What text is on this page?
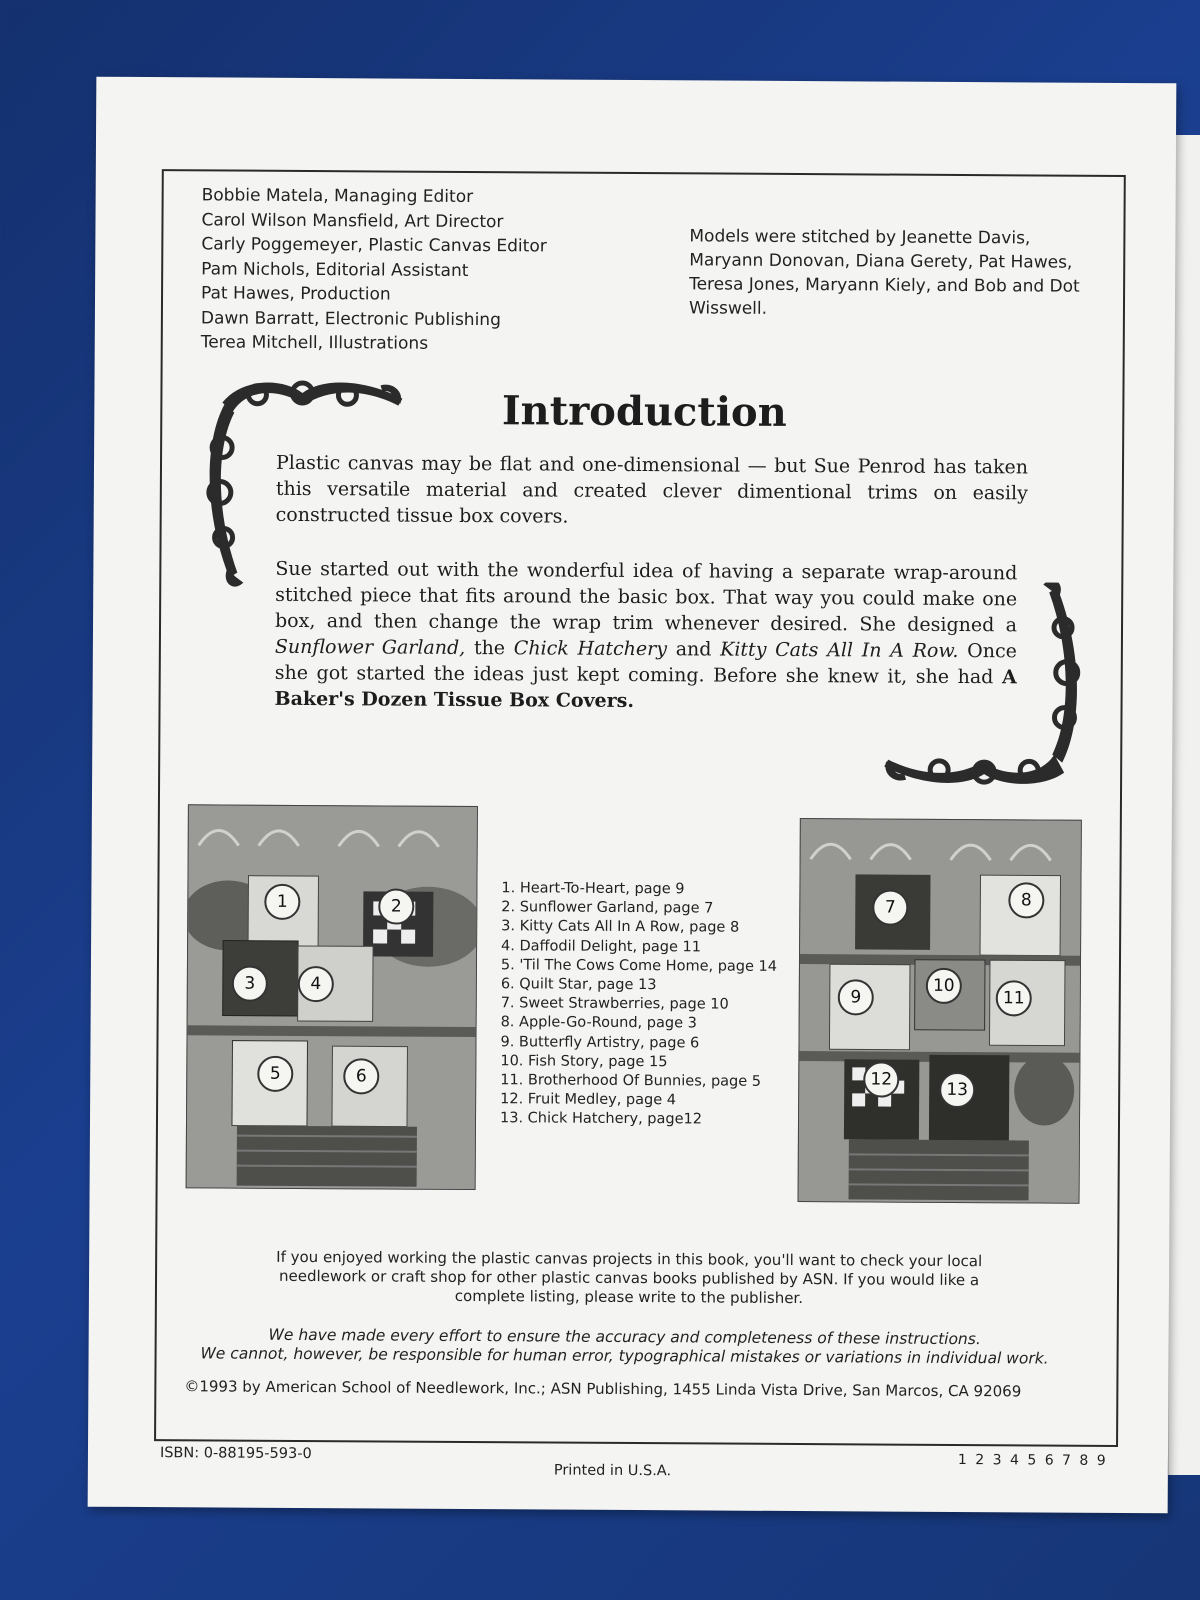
Bobbie Matela, Managing Editor
Carol Wilson Mansfield, Art Director
Carly Poggemeyer, Plastic Canvas Editor
Pam Nichols, Editorial Assistant
Pat Hawes, Production
Dawn Barratt, Electronic Publishing
Terea Mitchell, Illustrations
Models were stitched by Jeanette Davis, Maryann Donovan, Diana Gerety, Pat Hawes, Teresa Jones, Maryann Kiely, and Bob and Dot Wisswell.
Introduction

Plastic canvas may be flat and one-dimensional — but Sue Penrod has taken this versatile material and created clever dimentional trims on easily constructed tissue box covers.

Sue started out with the wonderful idea of having a separate wrap-around stitched piece that fits around the basic box. That way you could make one box, and then change the wrap trim whenever desired. She designed a Sunflower Garland, the Chick Hatchery and Kitty Cats All In A Row. Once she got started the ideas just kept coming. Before she knew it, she had A Baker's Dozen Tissue Box Covers.

1	2
3	4
5	6
1. Heart-To-Heart, page 9
2. Sunflower Garland, page 7
3. Kitty Cats All In A Row, page 8
4. Daffodil Delight, page 11
5. 'Til The Cows Come Home, page 14
6. Quilt Star, page 13
7. Sweet Strawberries, page 10
8. Apple-Go-Round, page 3
9. Butterfly Artistry, page 6
10. Fish Story, page 15
11. Brotherhood Of Bunnies, page 5
12. Fruit Medley, page 4
13. Chick Hatchery, page12
7	8
9
10
11
12
13

If you enjoyed working the plastic canvas projects in this book, you'll want to check your local needlework or craft shop for other plastic canvas books published by ASN. If you would like a complete listing, please write to the publisher.

We have made every effort to ensure the accuracy and completeness of these instructions.
We cannot, however, be responsible for human error, typographical mistakes or variations in individual work.
©1993 by American School of Needlework, Inc.; ASN Publishing, 1455 Linda Vista Drive, San Marcos, CA 92069
ISBN: 0-88195-593-0
Printed in U.S.A.
1 2 3 4 5 6 7 8 9
